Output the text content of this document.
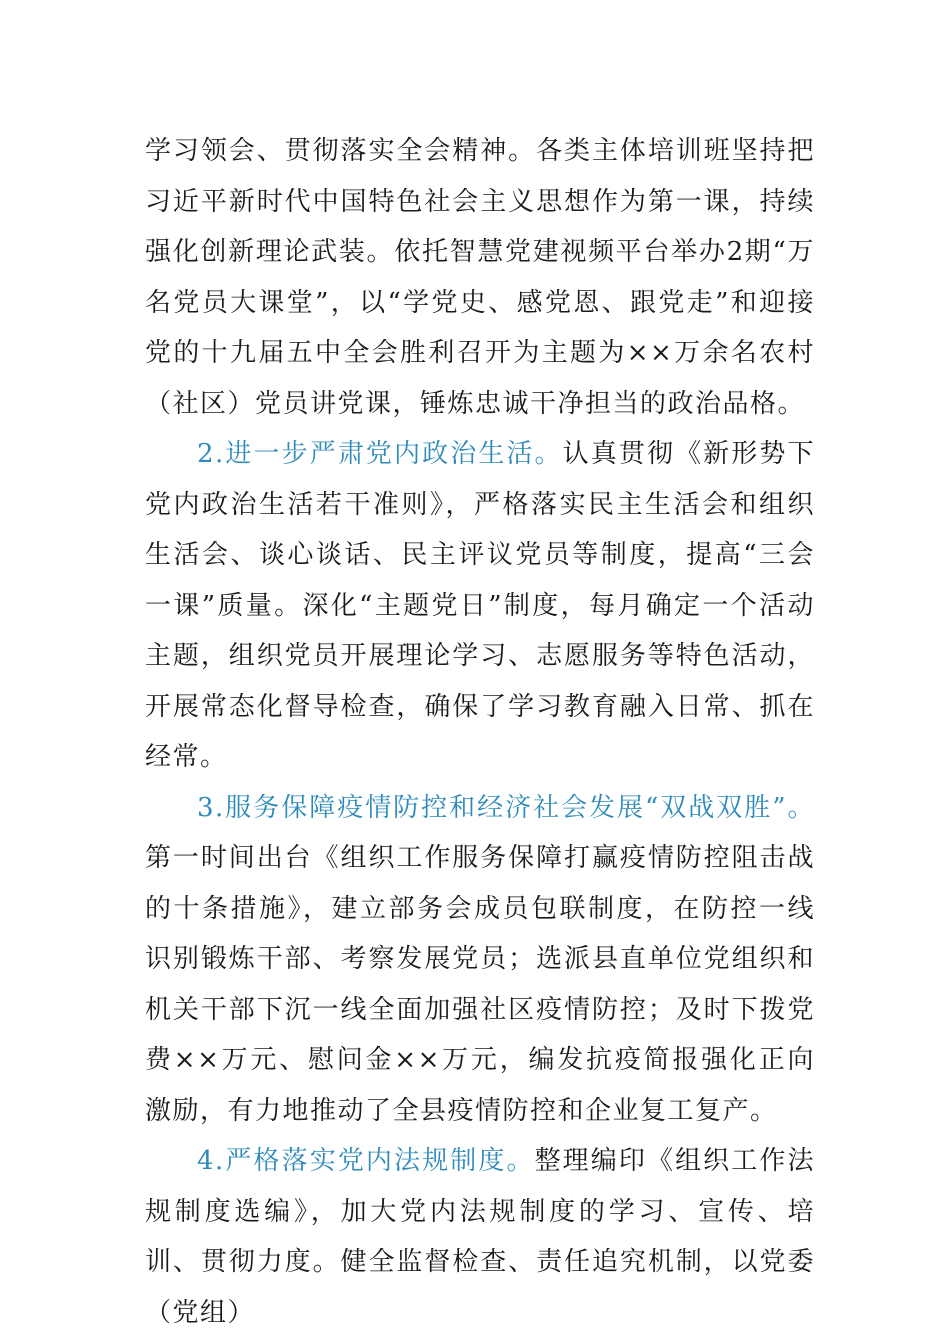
学习领会、贯彻落实全会精神。各类主体培训班坚持把习近平新时代中国特色社会主义思想作为第一课，持续强化创新理论武装。依托智慧党建视频平台举办2期“万名党员大课堂”，以“学党史、感党恩、跟党走”和迎接党的十九届五中全会胜利召开为主题为××万余名农村（社区）党员讲党课，锤炼忠诚干净担当的政治品格。

2.进一步严肃党内政治生活。认真贯彻《新形势下党内政治生活若干准则》，严格落实民主生活会和组织生活会、谈心谈话、民主评议党员等制度，提高“三会一课”质量。深化“主题党日”制度，每月确定一个活动主题，组织党员开展理论学习、志愿服务等特色活动，开展常态化督导检查，确保了学习教育融入日常、抓在经常。

3.服务保障疫情防控和经济社会发展“双战双胜”。第一时间出台《组织工作服务保障打赢疫情防控阻击战的十条措施》，建立部务会成员包联制度，在防控一线识别锻炼干部、考察发展党员；选派县直单位党组织和机关干部下沉一线全面加强社区疫情防控；及时下拨党费××万元、慰问金××万元，编发抗疫简报强化正向激励，有力地推动了全县疫情防控和企业复工复产。

4.严格落实党内法规制度。整理编印《组织工作法规制度选编》，加大党内法规制度的学习、宣传、培训、贯彻力度。健全监督检查、责任追究机制，以党委（党组）
